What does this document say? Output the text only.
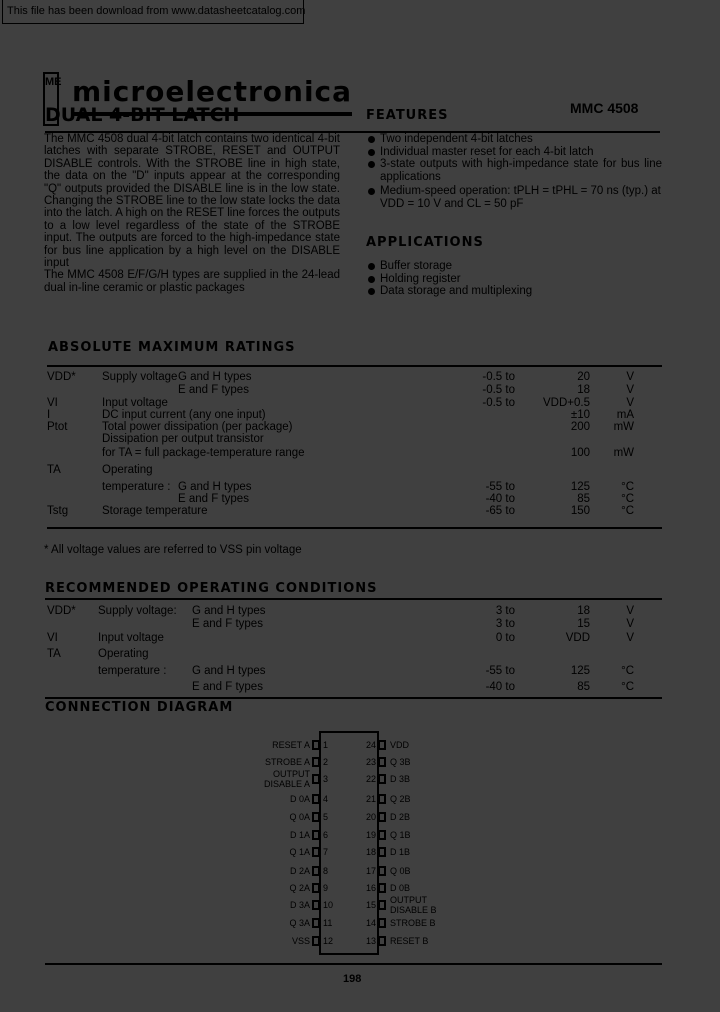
This file has been download from www.datasheetcatalog.com
ME microelectronica	MMC 4508
DUAL 4-BIT LATCH
The MMC 4508 dual 4-bit latch contains two identical 4-bit latches with separate STROBE, RESET and OUTPUT DISABLE controls. With the STROBE line in high state, the data on the "D" inputs appear at the corresponding "Q" outputs provided the DISABLE line is in the low state. Changing the STROBE line to the low state locks the data into the latch. A high on the RESET line forces the outputs to a low level regardless of the state of the STROBE input. The outputs are forced to the high-impedance state for bus line application by a high level on the DISABLE input
The MMC 4508 E/F/G/H types are supplied in the 24-lead dual in-line ceramic or plastic packages
FEATURES
Two independent 4-bit latches
Individual master reset for each 4-bit latch
3-state outputs with high-impedance state for bus line applications
Medium-speed operation: tPLH = tPHL = 70 ns (typ.) at VDD = 10 V and CL = 50 pF
APPLICATIONS
Buffer storage
Holding register
Data storage and multiplexing
ABSOLUTE MAXIMUM RATINGS
VDD* Supply voltage G and H types	-0.5 to	20	V
E and F types	-0.5 to	18	V
VI	Input voltage	-0.5 to VDD+0.5	V
I	DC input current (any one input)	±10 mA
Ptot	Total power dissipation (per package)	200 mW
Dissipation per output transistor
for TA = full package-temperature range	100 mW
TA	Operating
temperature : G and H types	-55 to	125	°C
E and F types	-40 to	85	°C
Tstg	Storage temperature	-65 to	150	°C
* All voltage values are referred to VSS pin voltage
RECOMMENDED OPERATING CONDITIONS
VDD* Supply voltage: G and H types	3 to	18	V
E and F types	3 to	15	V
VI	Input voltage	0 to	VDD	V
TA	Operating
temperature : G and H types	-55 to	125	°C
E and F types	-40 to	85	°C
CONNECTION DIAGRAM
1
RESET A
2
STROBE A
3
OUTPUT DISABLE A
4
D 0A
5
Q 0A
6
D 1A
7
Q 1A
8
D 2A
9
Q 2A
10
D 3A
11
Q 3A
12
VSS
24 VDD
23 Q 3B
22 D 3B
21 Q 2B
20 D 2B
19 Q 1B
18 D 1B
17 Q 0B
16 D 0B
15 OUTPUT DISABLE B
14 STROBE B
13 RESET B
198
